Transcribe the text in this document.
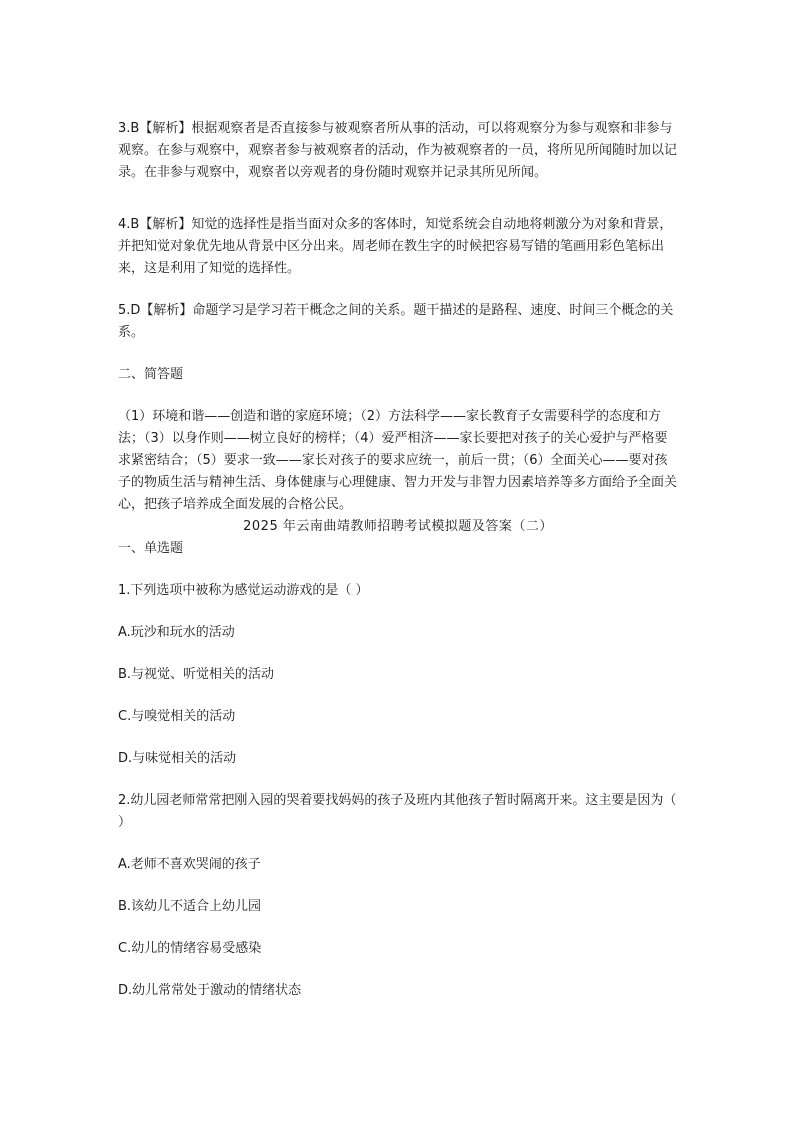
3.B【解析】根据观察者是否直接参与被观察者所从事的活动，可以将观察分为参与观察和非参与观察。在参与观察中，观察者参与被观察者的活动，作为被观察者的一员，将所见所闻随时加以记录。在非参与观察中，观察者以旁观者的身份随时观察并记录其所见所闻。

4.B【解析】知觉的选择性是指当面对众多的客体时，知觉系统会自动地将刺激分为对象和背景，并把知觉对象优先地从背景中区分出来。周老师在教生字的时候把容易写错的笔画用彩色笔标出来，这是利用了知觉的选择性。

5.D【解析】命题学习是学习若干概念之间的关系。题干描述的是路程、速度、时间三个概念的关系。

二、简答题

（1）环境和谐——创造和谐的家庭环境；（2）方法科学——家长教育子女需要科学的态度和方法；（3）以身作则——树立良好的榜样；（4）爱严相济——家长要把对孩子的关心爱护与严格要求紧密结合；（5）要求一致——家长对孩子的要求应统一，前后一贯；（6）全面关心——要对孩子的物质生活与精神生活、身体健康与心理健康、智力开发与非智力因素培养等多方面给予全面关心，把孩子培养成全面发展的合格公民。

2025 年云南曲靖教师招聘考试模拟题及答案（二）

一、单选题

1.下列选项中被称为感觉运动游戏的是（ ）

A.玩沙和玩水的活动

B.与视觉、听觉相关的活动

C.与嗅觉相关的活动

D.与味觉相关的活动

2.幼儿园老师常常把刚入园的哭着要找妈妈的孩子及班内其他孩子暂时隔离开来。这主要是因为（ ）

A.老师不喜欢哭闹的孩子

B.该幼儿不适合上幼儿园

C.幼儿的情绪容易受感染

D.幼儿常常处于激动的情绪状态
